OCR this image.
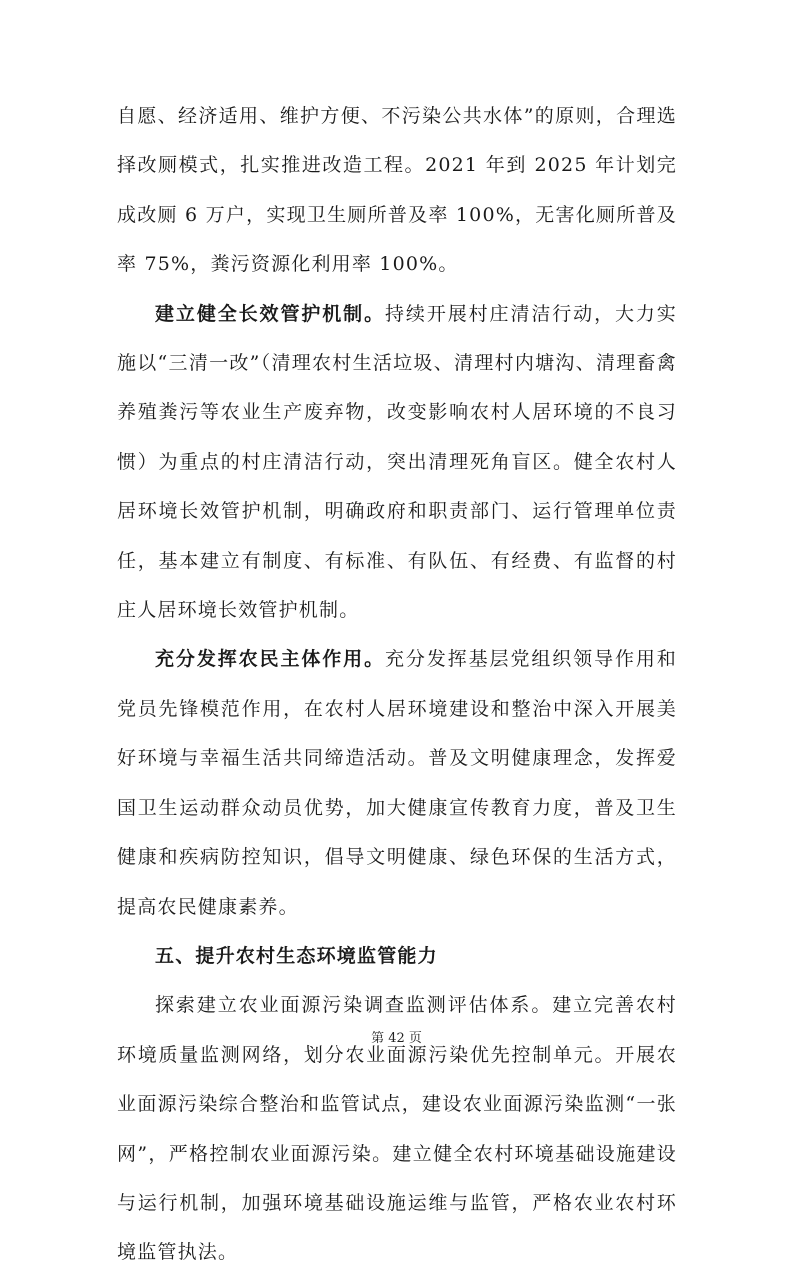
自愿、经济适用、维护方便、不污染公共水体”的原则，合理选择改厕模式，扎实推进改造工程。2021 年到 2025 年计划完成改厕 6 万户，实现卫生厕所普及率 100%，无害化厕所普及率 75%，粪污资源化利用率 100%。

建立健全长效管护机制。持续开展村庄清洁行动，大力实施以“三清一改”（清理农村生活垃圾、清理村内塘沟、清理畜禽养殖粪污等农业生产废弃物，改变影响农村人居环境的不良习惯）为重点的村庄清洁行动，突出清理死角盲区。健全农村人居环境长效管护机制，明确政府和职责部门、运行管理单位责任，基本建立有制度、有标准、有队伍、有经费、有监督的村庄人居环境长效管护机制。

充分发挥农民主体作用。充分发挥基层党组织领导作用和党员先锋模范作用，在农村人居环境建设和整治中深入开展美好环境与幸福生活共同缔造活动。普及文明健康理念，发挥爱国卫生运动群众动员优势，加大健康宣传教育力度，普及卫生健康和疾病防控知识，倡导文明健康、绿色环保的生活方式，提高农民健康素养。

五、提升农村生态环境监管能力

探索建立农业面源污染调查监测评估体系。建立完善农村环境质量监测网络，划分农业面源污染优先控制单元。开展农业面源污染综合整治和监管试点，建设农业面源污染监测“一张网”，严格控制农业面源污染。建立健全农村环境基础设施建设与运行机制，加强环境基础设施运维与监管，严格农业农村环境监管执法。

第 42 页
